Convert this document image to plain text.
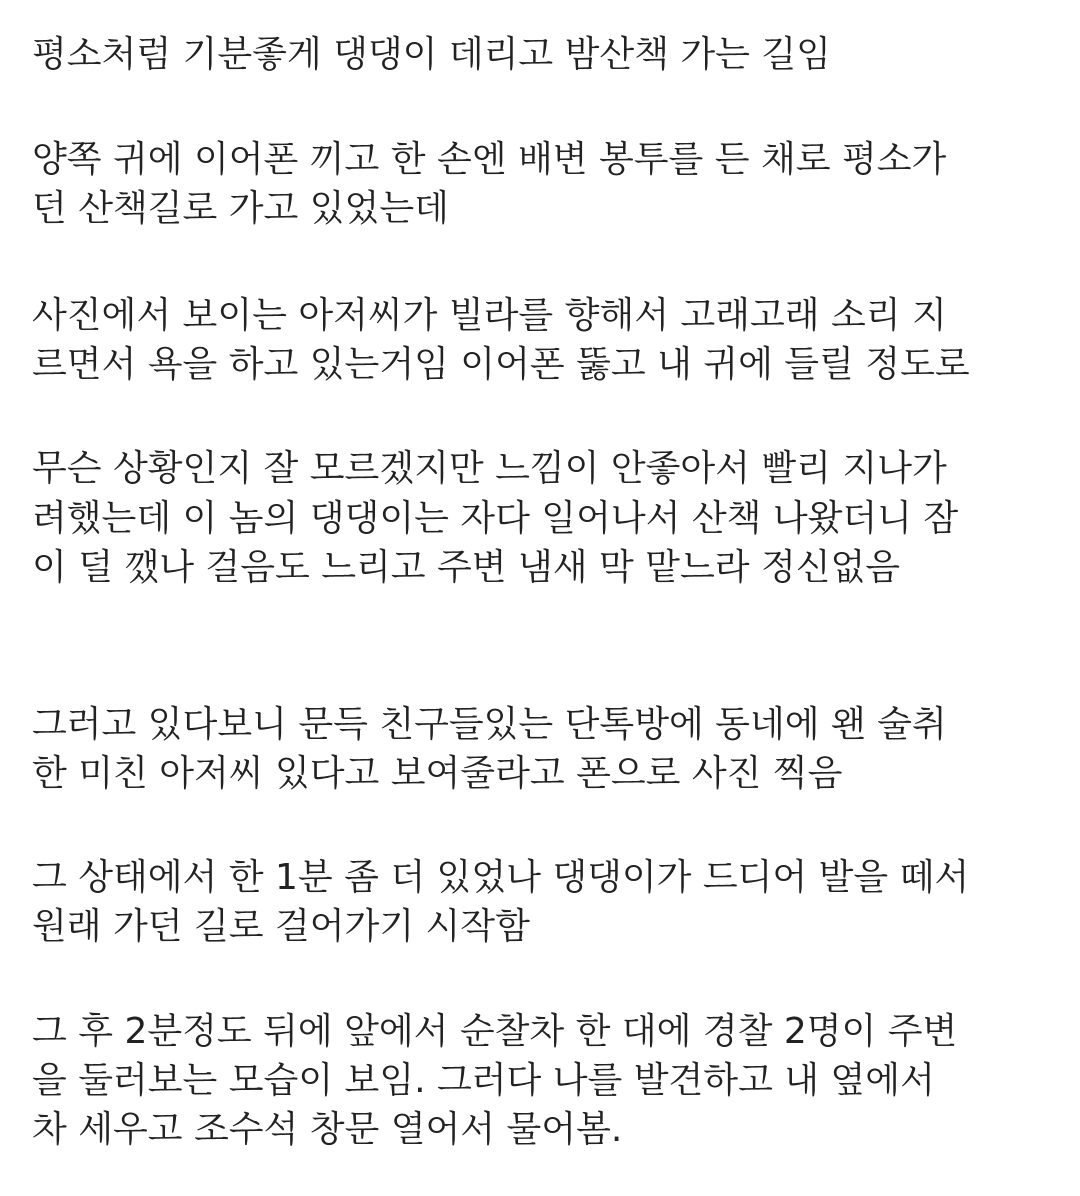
평소처럼 기분좋게 댕댕이 데리고 밤산책 가는 길임

양쪽 귀에 이어폰 끼고 한 손엔 배변 봉투를 든 채로 평소가

던 산책길로 가고 있었는데

사진에서 보이는 아저씨가 빌라를 향해서 고래고래 소리 지

르면서 욕을 하고 있는거임 이어폰 뚫고 내 귀에 들릴 정도로

무슨 상황인지 잘 모르겠지만 느낌이 안좋아서 빨리 지나가

려했는데 이 놈의 댕댕이는 자다 일어나서 산책 나왔더니 잠

이 덜 깼나 걸음도 느리고 주변 냄새 막 맡느라 정신없음

그러고 있다보니 문득 친구들있는 단톡방에 동네에 왠 술취

한 미친 아저씨 있다고 보여줄라고 폰으로 사진 찍음

그 상태에서 한 1분 좀 더 있었나 댕댕이가 드디어 발을 떼서

원래 가던 길로 걸어가기 시작함

그 후 2분정도 뒤에 앞에서 순찰차 한 대에 경찰 2명이 주변

을 둘러보는 모습이 보임. 그러다 나를 발견하고 내 옆에서

차 세우고 조수석 창문 열어서 물어봄.
